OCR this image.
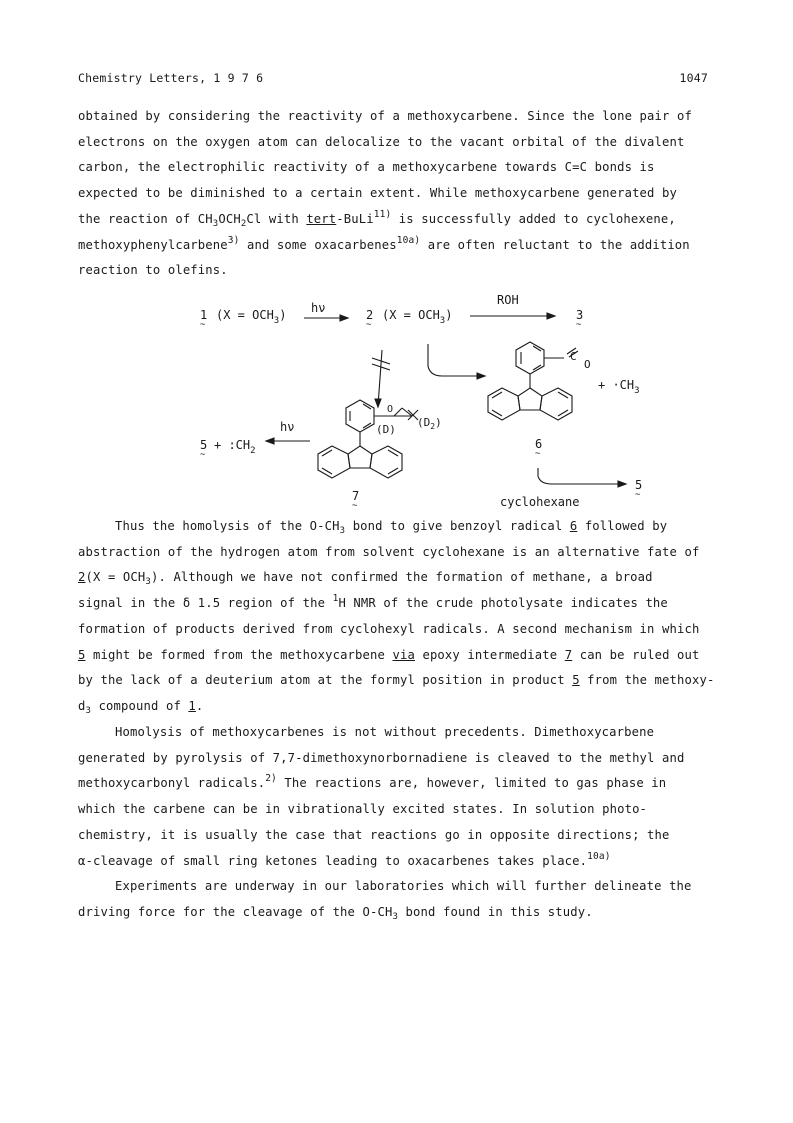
Chemistry Letters, 1 9 7 6	1047
obtained by considering the reactivity of a methoxycarbene. Since the lone pair of
electrons on the oxygen atom can delocalize to the vacant orbital of the divalent
carbon, the electrophilic reactivity of a methoxycarbene towards C=C bonds is
expected to be diminished to a certain extent. While methoxycarbene generated by
the reaction of $CH_3OCH_2Cl$ with tert-BuLi$^{11)}$ is successfully added to cyclohexene,
methoxyphenylcarbene$^{3)}$ and some oxacarbenes$^{10a)}$ are often reluctant to the addition
reaction to olefins.
1
~
$(X = OCH_3)$ hν	2
~
$(X = OCH_3)$
ROH
3
~
C
O
+ $\cdot CH_3$
6
~
cyclohexane
5
~
5
~
+ $:CH_2$
hν	(D)
$(D_2)$
O
7
~
Thus the homolysis of the $O-CH_3$ bond to give benzoyl radical 6 followed by
abstraction of the hydrogen atom from solvent cyclohexane is an alternative fate of
$2(X = OCH_3)$. Although we have not confirmed the formation of methane, a broad
signal in the δ 1.5 region of the $^1$H NMR of the crude photolysate indicates the
formation of products derived from cyclohexyl radicals. A second mechanism in which
5 might be formed from the methoxycarbene via epoxy intermediate 7 can be ruled out
by the lack of a deuterium atom at the formyl position in product 5 from the methoxy-
$d_3$ compound of 1.
Homolysis of methoxycarbenes is not without precedents. Dimethoxycarbene
generated by pyrolysis of 7,7-dimethoxynorbornadiene is cleaved to the methyl and
methoxycarbonyl radicals.$^{2)}$ The reactions are, however, limited to gas phase in
which the carbene can be in vibrationally excited states. In solution photo-
chemistry, it is usually the case that reactions go in opposite directions; the
α-cleavage of small ring ketones leading to oxacarbenes takes place.$^{10a)}$
Experiments are underway in our laboratories which will further delineate the
driving force for the cleavage of the $O-CH_3$ bond found in this study.
